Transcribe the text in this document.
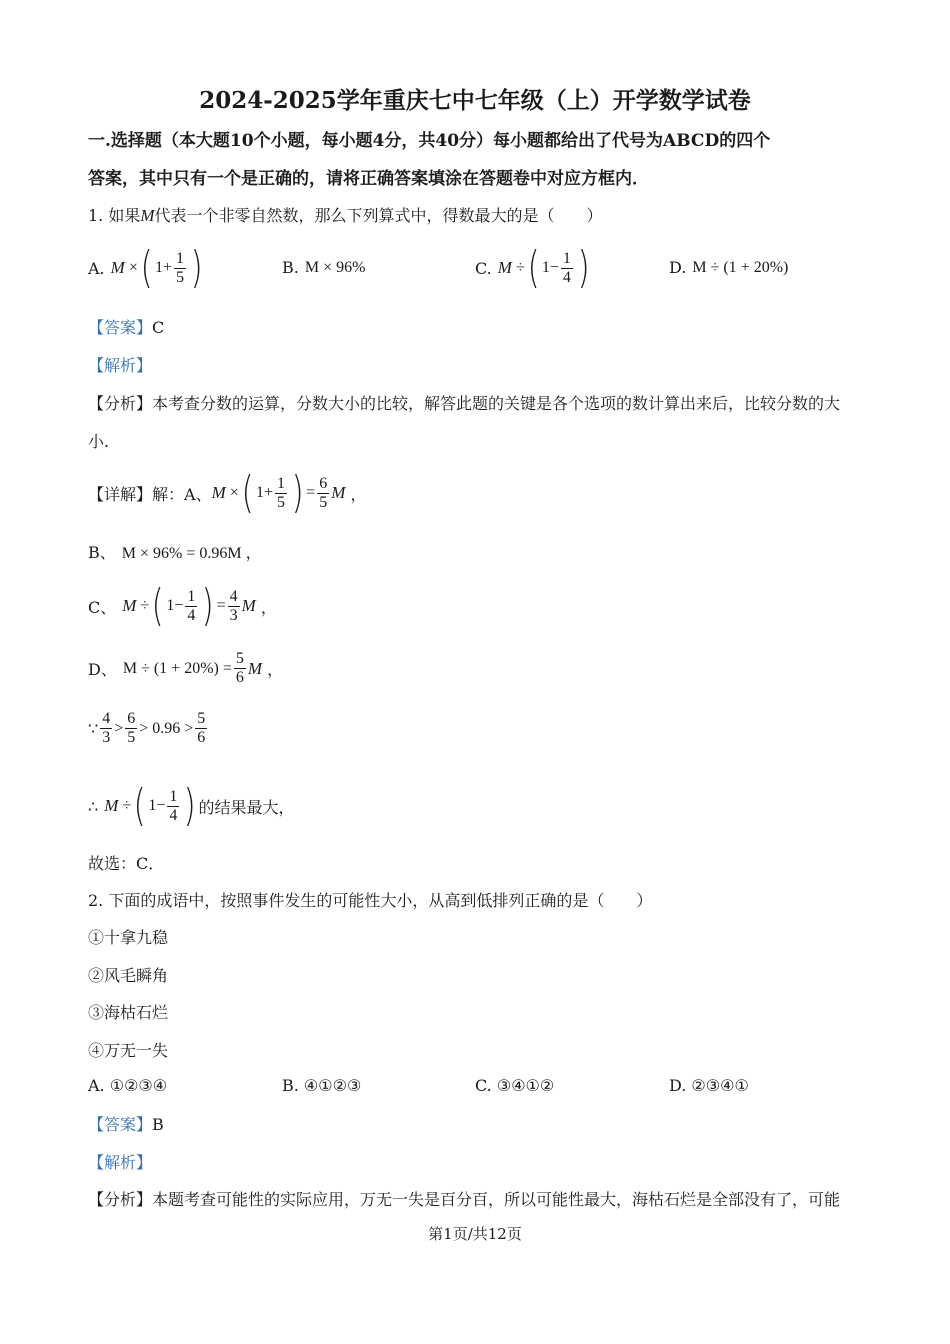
2024-2025学年重庆七中七年级（上）开学数学试卷
一.选择题（本大题10个小题，每小题4分，共40分）每小题都给出了代号为ABCD的四个
答案，其中只有一个是正确的，请将正确答案填涂在答题卷中对应方框内．
1. 如果M代表一个非零自然数，那么下列算式中，得数最大的是（　　）
A. M × ( $1+ \frac{1}{5}$ )	B. M × 96%	C. M ÷ ( $1- \frac{1}{4}$ )	D. M ÷ (1 + 20%)
【答案】C
【解析】
【分析】本考查分数的运算，分数大小的比较，解答此题的关键是各个选项的数计算出来后，比较分数的大
小.
【详解】 解：A、 M × ( $1+ \frac{1}{5}$ ) = $\frac{6}{5}$ M ，
B、 M × 96% = 0.96M ，
C、 M ÷ ( $1- \frac{1}{4}$ ) = $\frac{4}{3}$ M ，
D、 $M \div (1 + 20\%) = \frac{5}{6}$ M ，
∵ $\frac{4}{3} > \frac{6}{5} > 0.96 > \frac{5}{6}$
∴ M ÷ ( $1- \frac{1}{4}$ ) 的结果最大，
故选：C．
2. 下面的成语中，按照事件发生的可能性大小，从高到低排列正确的是（　　）
①十拿九稳
②风毛瞬角
③海枯石烂
④万无一失
A. ①②③④	B. ④①②③	C. ③④①②	D. ②③④①
【答案】B
【解析】
【分析】本题考查可能性的实际应用，万无一失是百分百，所以可能性最大，海枯石烂是全部没有了，可能
第1页/共12页
